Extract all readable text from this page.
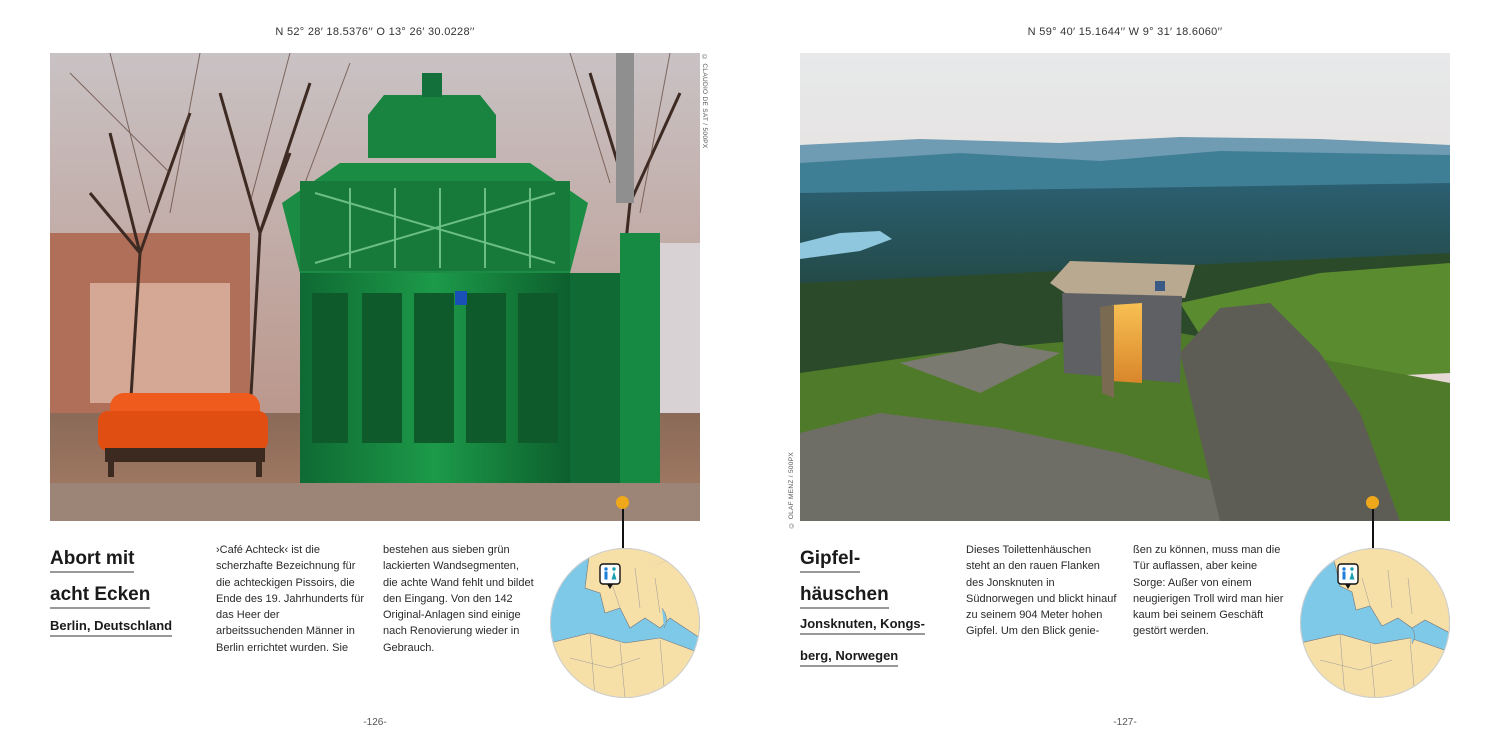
N 52° 28′ 18.5376′′ O 13° 26′ 30.0228′′
© CLAUDIO DE SAT / 500PX
Abort mit
acht Ecken
Berlin, Deutschland

›Café Achteck‹ ist die scherzhafte Bezeichnung für die achteckigen Pissoirs, die Ende des 19. Jahrhunderts für das Heer der arbeitssuchenden Männer in Berlin errichtet wurden. Sie

bestehen aus sieben grün lackierten Wandsegmenten, die achte Wand fehlt und bildet den Eingang. Von den 142 Original-Anlagen sind einige nach Renovierung wieder in Gebrauch.

-126-
N 59° 40′ 15.1644′′ W 9° 31′ 18.6060′′
© OLAF MENZ / 500PX
Gipfel-
häuschen
Jonsknuten, Kongs-
berg, Norwegen

Dieses Toilettenhäuschen steht an den rauen Flanken des Jonsknuten in Südnorwegen und blickt hinauf zu seinem 904 Meter hohen Gipfel. Um den Blick genie-

ßen zu können, muss man die Tür auflassen, aber keine Sorge: Außer von einem neugierigen Troll wird man hier kaum bei seinem Geschäft gestört werden.

-127-
